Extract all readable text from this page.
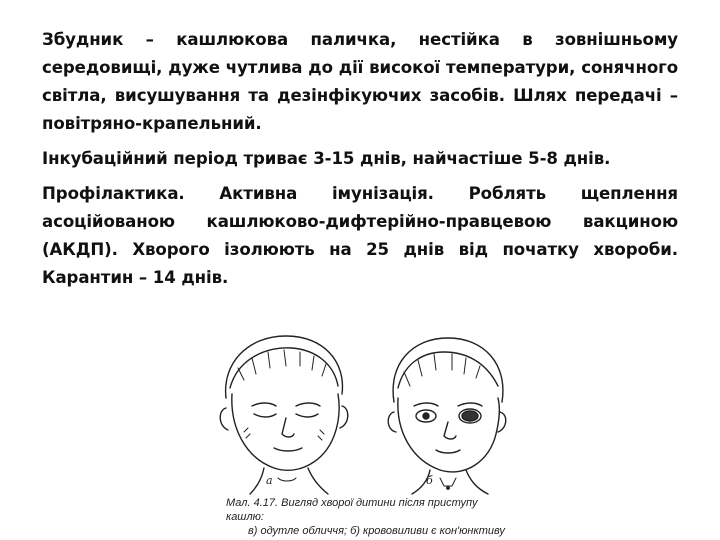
Збудник – кашлюкова паличка, нестійка в зовнішньому середовищі, дуже чутлива до дії високої температури, сонячного світла, висушування та дезінфікуючих засобів. Шлях передачі – повітряно-крапельний.

Інкубаційний період триває 3-15 днів, найчастіше 5-8 днів.

Профілактика. Активна імунізація. Роблять щеплення асоційованою кашлюково-дифтерійно-правцевою вакциною (АКДП). Хворого ізолюють на 25 днів від початку хвороби. Карантин – 14 днів.

а	б
Мал. 4.17. Вигляд хворої дитини після приступу кашлю:
в) одутле обличчя; б) крововиливи є кон'юнктиву
